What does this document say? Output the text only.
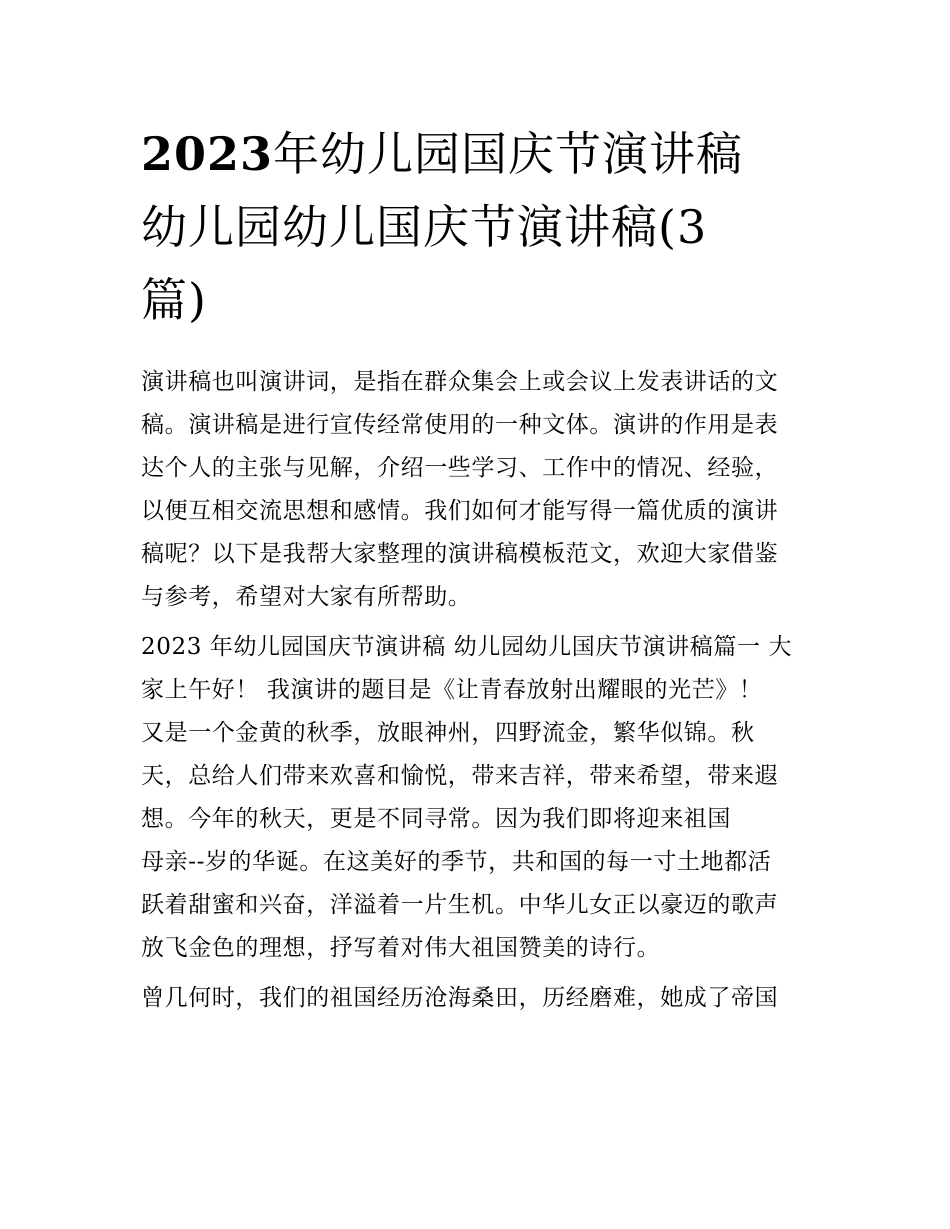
2023年幼儿园国庆节演讲稿
幼儿园幼儿国庆节演讲稿(3
篇)

演讲稿也叫演讲词，是指在群众集会上或会议上发表讲话的文
稿。演讲稿是进行宣传经常使用的一种文体。演讲的作用是表
达个人的主张与见解，介绍一些学习、工作中的情况、经验，
以便互相交流思想和感情。我们如何才能写得一篇优质的演讲
稿呢？以下是我帮大家整理的演讲稿模板范文，欢迎大家借鉴
与参考，希望对大家有所帮助。

2023 年幼儿园国庆节演讲稿 幼儿园幼儿国庆节演讲稿篇一 大
家上午好！ 我演讲的题目是《让青春放射出耀眼的光芒》！
又是一个金黄的秋季，放眼神州，四野流金，繁华似锦。秋
天，总给人们带来欢喜和愉悦，带来吉祥，带来希望，带来遐
想。今年的秋天，更是不同寻常。因为我们即将迎来祖国
母亲--岁的华诞。在这美好的季节，共和国的每一寸土地都活
跃着甜蜜和兴奋，洋溢着一片生机。中华儿女正以豪迈的歌声
放飞金色的理想，抒写着对伟大祖国赞美的诗行。

曾几何时，我们的祖国经历沧海桑田，历经磨难，她成了帝国
